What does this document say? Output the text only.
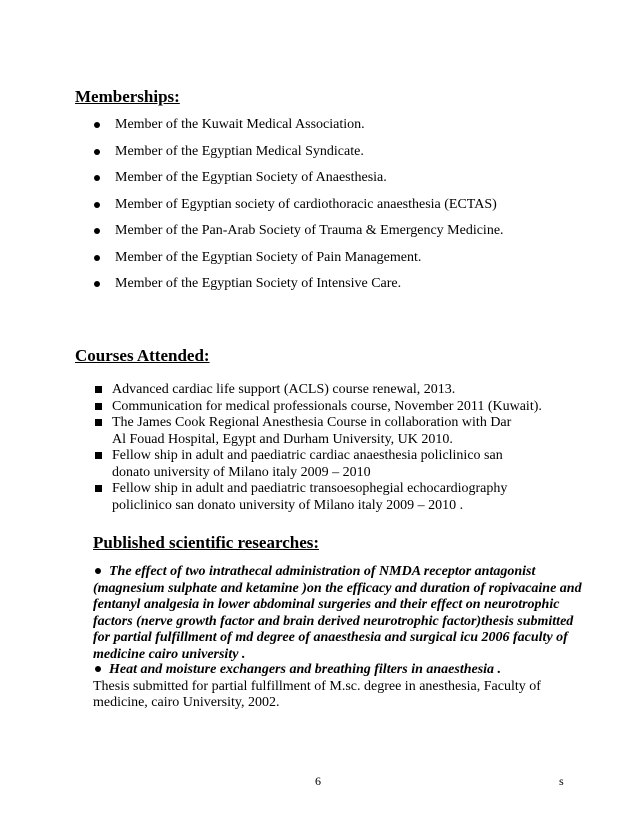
Memberships:
Member of the Kuwait Medical Association.
Member of the Egyptian Medical Syndicate.
Member of the Egyptian Society of Anaesthesia.
Member of Egyptian society of cardiothoracic anaesthesia (ECTAS)
Member of the Pan-Arab Society of Trauma & Emergency Medicine.
Member of the Egyptian Society of Pain Management.
Member of the Egyptian Society of Intensive Care.
Courses Attended:
Advanced cardiac life support (ACLS) course renewal, 2013.
Communication for medical professionals course, November 2011 (Kuwait).
The James Cook Regional Anesthesia Course in collaboration with Dar Al Fouad Hospital, Egypt and Durham University, UK 2010.
Fellow ship in adult and paediatric cardiac anaesthesia policlinico san donato university of Milano italy 2009 – 2010
Fellow ship in adult and paediatric transoesophegial echocardiography policlinico san donato university of Milano italy 2009 – 2010 .
Published scientific researches:
The effect of two intrathecal administration of NMDA receptor antagonist (magnesium sulphate and ketamine )on the efficacy and duration of ropivacaine and fentanyl analgesia in lower abdominal surgeries and their effect on neurotrophic factors (nerve growth factor and brain derived neurotrophic factor)thesis submitted for partial fulfillment of md degree of anaesthesia and surgical icu 2006 faculty of medicine cairo university .
Heat and moisture exchangers and breathing filters in anaesthesia .
Thesis submitted for partial fulfillment of M.sc. degree in anesthesia, Faculty of medicine, cairo University, 2002.
6	s
